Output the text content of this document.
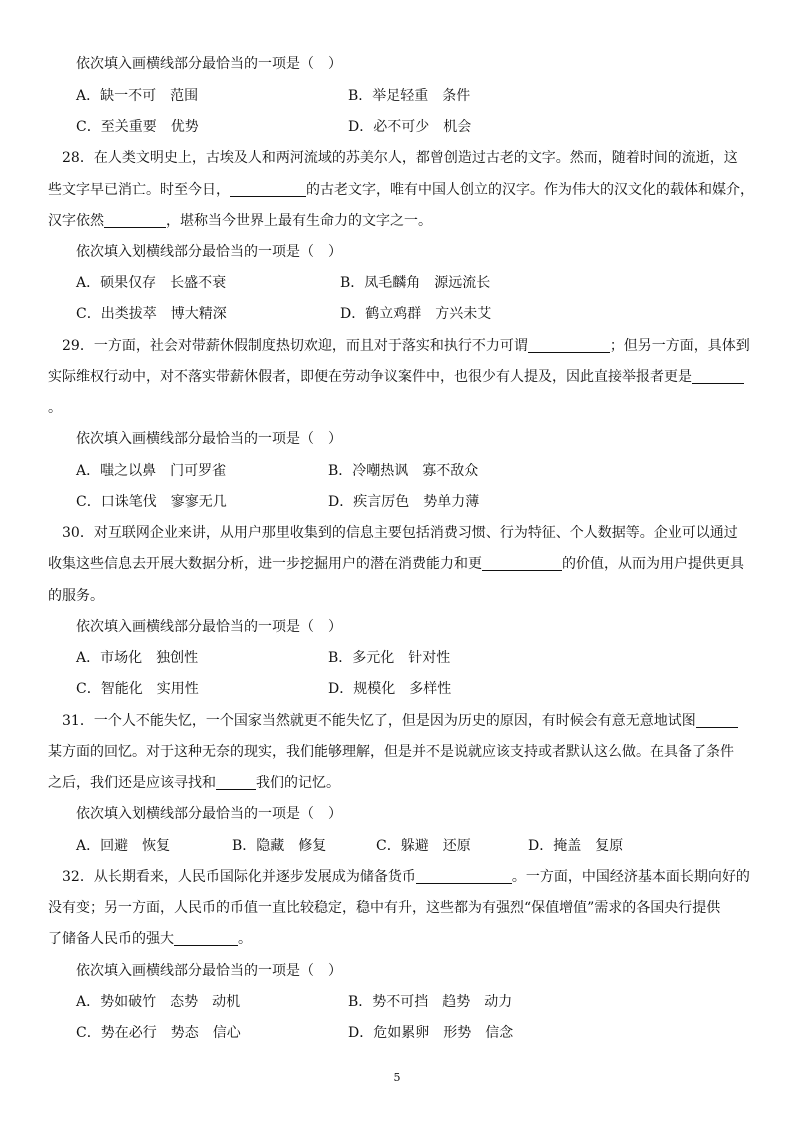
依次填入画横线部分最恰当的一项是（　）
A．缺一不可　范围	B．举足轻重　条件
C．至关重要　优势	D．必不可少　机会
28．在人类文明史上，古埃及人和两河流域的苏美尔人，都曾创造过古老的文字。然而，随着时间的流逝，这
些文字早已消亡。时至今日，	的古老文字，唯有中国人创立的汉字。作为伟大的汉文化的载体和媒介，
汉字依然	，堪称当今世界上最有生命力的文字之一。
依次填入划横线部分最恰当的一项是（　）
A．硕果仅存　长盛不衰	B．凤毛麟角　源远流长
C．出类拔萃　博大精深	D．鹤立鸡群　方兴未艾
29．一方面，社会对带薪休假制度热切欢迎，而且对于落实和执行不力可谓	；但另一方面，具体到
实际维权行动中，对不落实带薪休假者，即便在劳动争议案件中，也很少有人提及，因此直接举报者更是
。
依次填入画横线部分最恰当的一项是（　）
A．嗤之以鼻　门可罗雀	B．冷嘲热讽　寡不敌众
C．口诛笔伐　寥寥无几	D．疾言厉色　势单力薄
30．对互联网企业来讲，从用户那里收集到的信息主要包括消费习惯、行为特征、个人数据等。企业可以通过
收集这些信息去开展大数据分析，进一步挖掘用户的潜在消费能力和更	的价值，从而为用户提供更具
的服务。
依次填入画横线部分最恰当的一项是（　）
A．市场化　独创性	B．多元化　针对性
C．智能化　实用性	D．规模化　多样性
31．一个人不能失忆，一个国家当然就更不能失忆了，但是因为历史的原因，有时候会有意无意地试图
某方面的回忆。对于这种无奈的现实，我们能够理解，但是并不是说就应该支持或者默认这么做。在具备了条件
之后，我们还是应该寻找和	我们的记忆。
依次填入划横线部分最恰当的一项是（　）
A．回避　恢复	B．隐藏　修复	C．躲避　还原	D．掩盖　复原
32．从长期看来，人民币国际化并逐步发展成为储备货币	。一方面，中国经济基本面长期向好的
没有变；另一方面，人民币的币值一直比较稳定，稳中有升，这些都为有强烈“保值增值”需求的各国央行提供
了储备人民币的强大	。
依次填入画横线部分最恰当的一项是（　）
A．势如破竹　态势　动机	B．势不可挡　趋势　动力
C．势在必行　势态　信心	D．危如累卵　形势　信念
5
